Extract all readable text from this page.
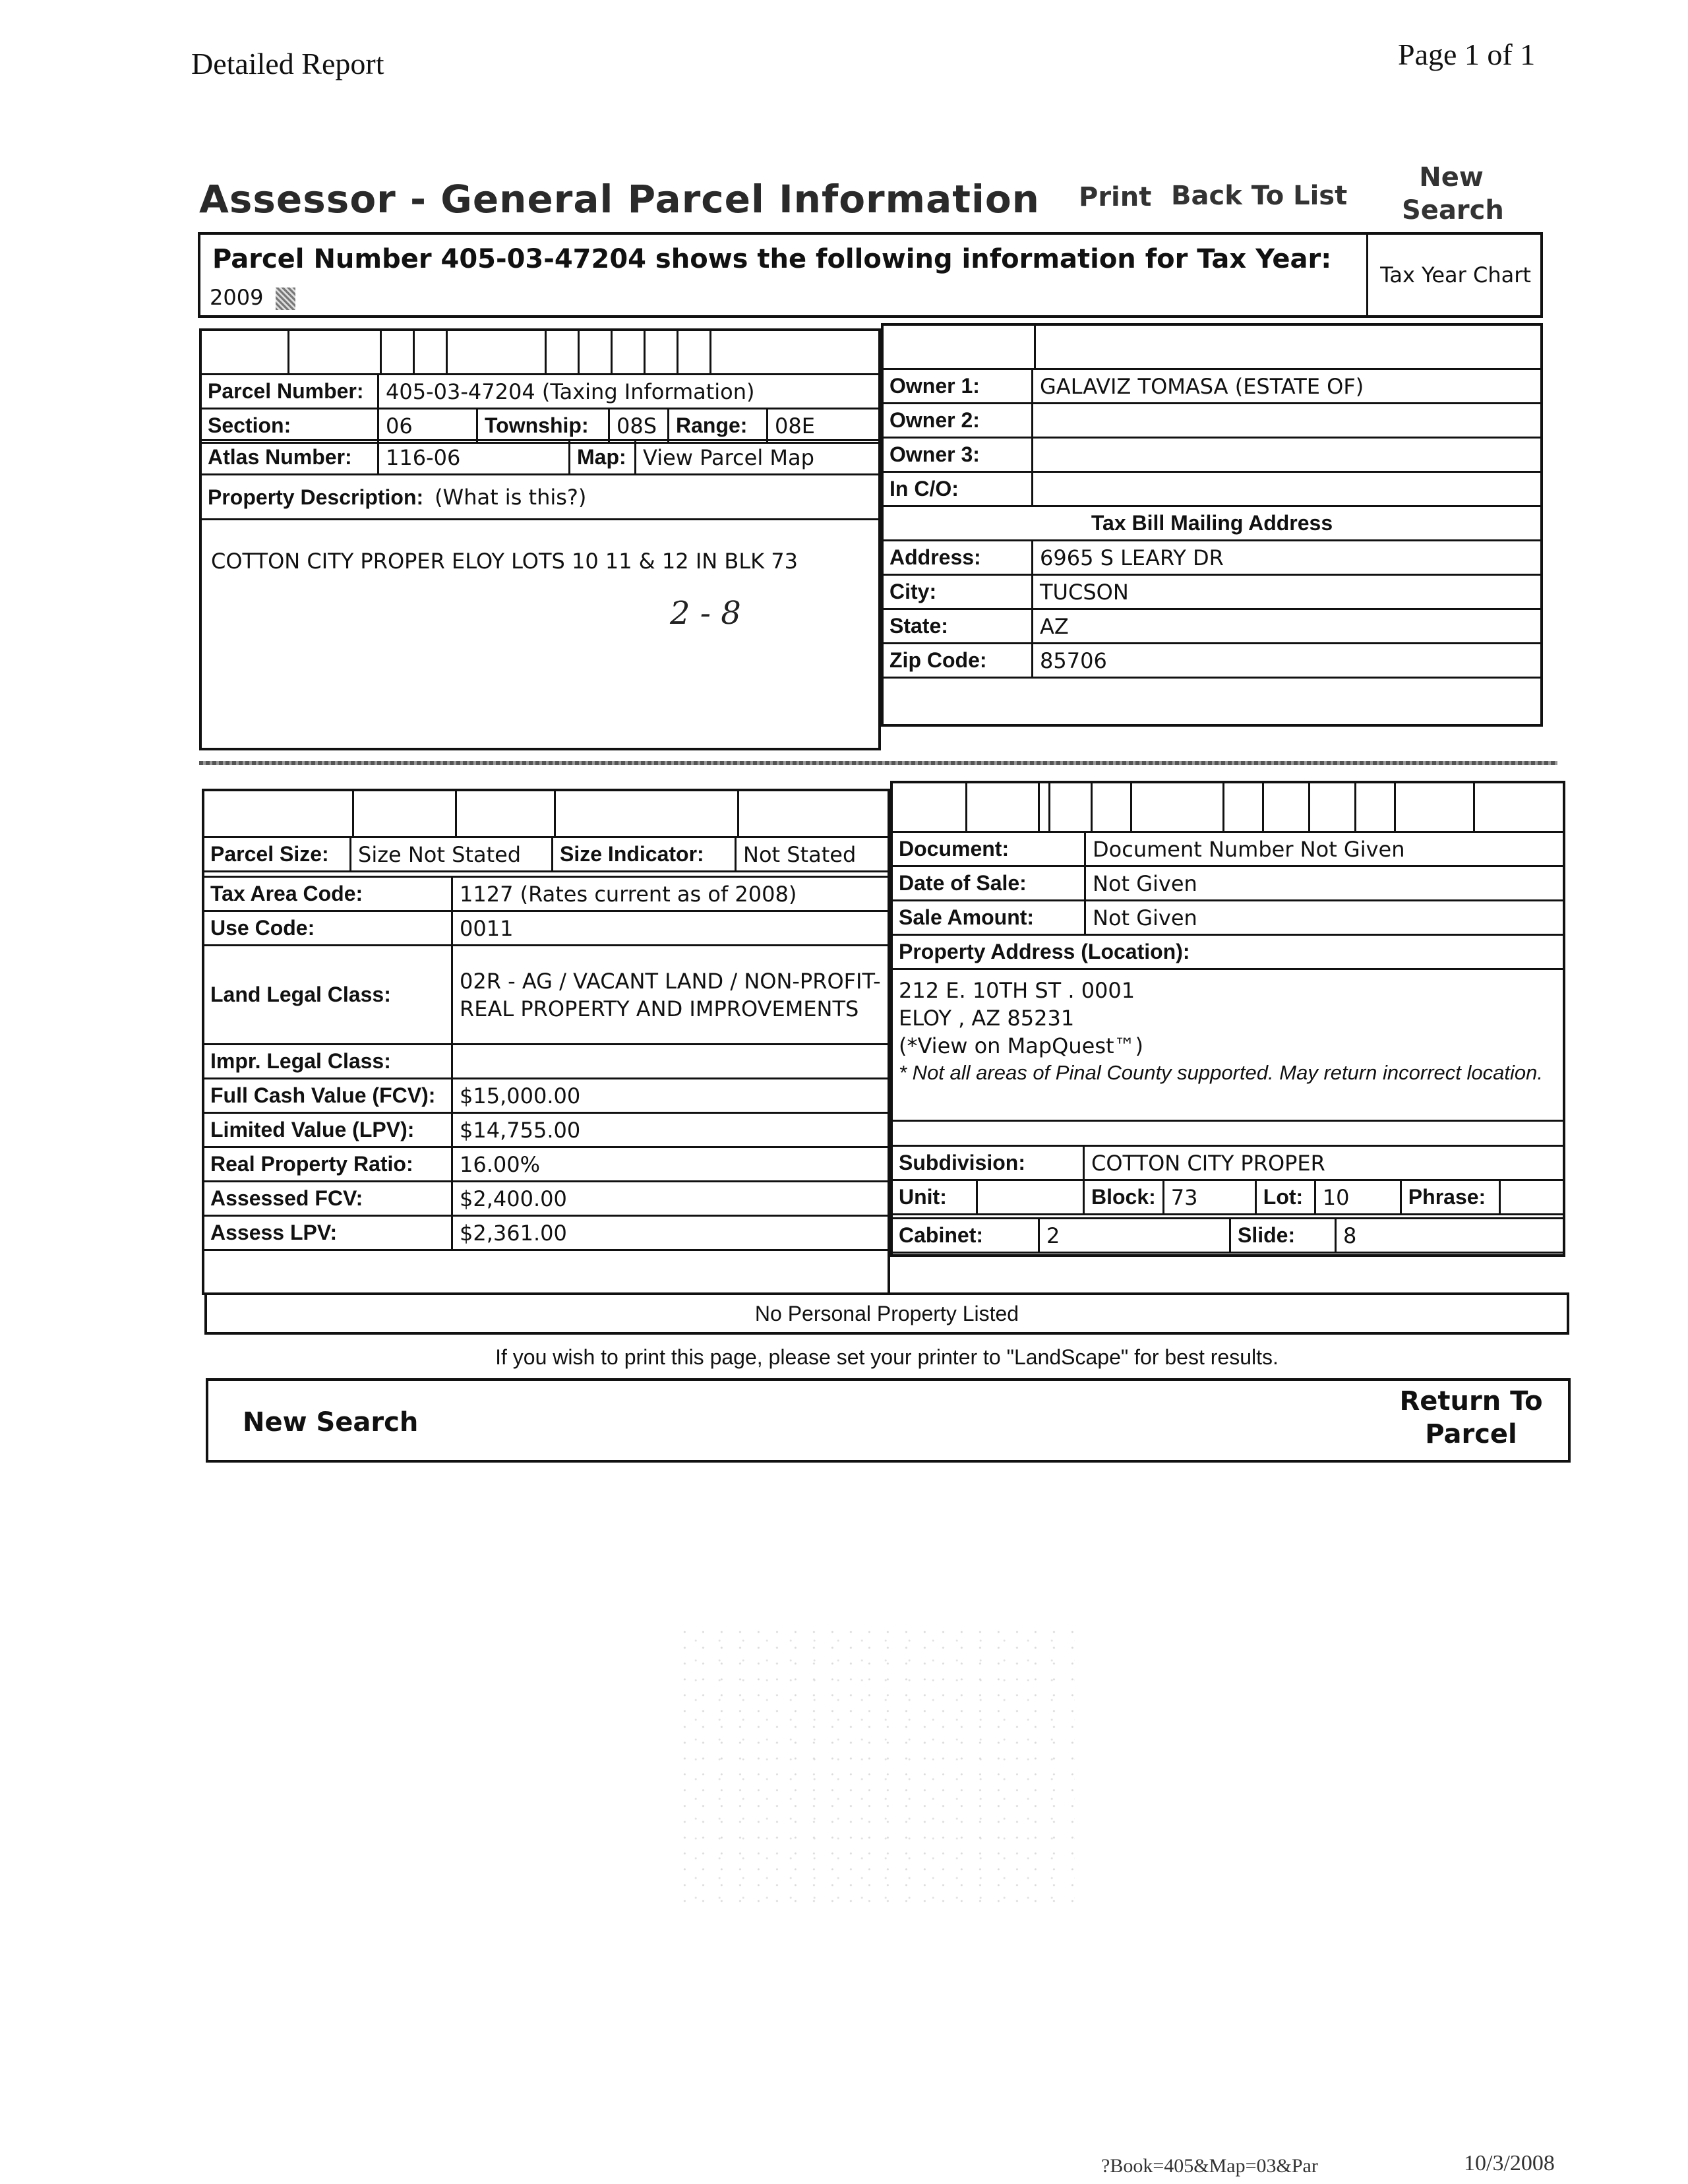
Detailed Report	Page 1 of 1
Assessor - General Parcel Information Print Back To List
New
Search
Parcel Number 405-03-47204 shows the following information for Tax Year:
2009
Tax Year Chart
Parcel Number:	405-03-47204 (Taxing Information)				
Section:	06	Township:	08S	Range:	08E
Atlas Number:	116-06	Map:	View Parcel Map
Property Description: (What is this?)
COTTON CITY PROPER ELOY LOTS 10 11 & 12 IN BLK 73
2 - 8
Owner 1:	GALAVIZ TOMASA (ESTATE OF)
Owner 2:	
Owner 3:	
In C/O:	
Tax Bill Mailing Address	
Address:	6965 S LEARY DR
City:	TUCSON
State:	AZ
Zip Code:	85706
Parcel Size:	Size Not Stated	Size Indicator:	Not Stated
Tax Area Code:	1127 (Rates current as of 2008)
Use Code:	0011
Land Legal Class:	02R - AG / VACANT LAND / NON-PROFIT-REAL PROPERTY AND IMPROVEMENTS
Impr. Legal Class:	
Full Cash Value (FCV):	$15,000.00
Limited Value (LPV):	$14,755.00
Real Property Ratio:	16.00%
Assessed FCV:	$2,400.00
Assess LPV:	$2,361.00
Document:	Document Number Not Given
Date of Sale:	Not Given
Sale Amount:	Not Given
Property Address (Location):	

212 E. 10TH ST . 0001
ELOY , AZ 85231
(*View on MapQuest™)
* Not all areas of Pinal County supported. May return incorrect location.	
Subdivision:		COTTON CITY PROPER					
Unit:		Block:	73	Lot:	10	Phrase:	
Cabinet:	2	Slide:	8
No Personal Property Listed
If you wish to print this page, please set your printer to "LandScape" for best results.
New Search
Return To
Parcel
?Book=405&Map=03&Par	10/3/2008
